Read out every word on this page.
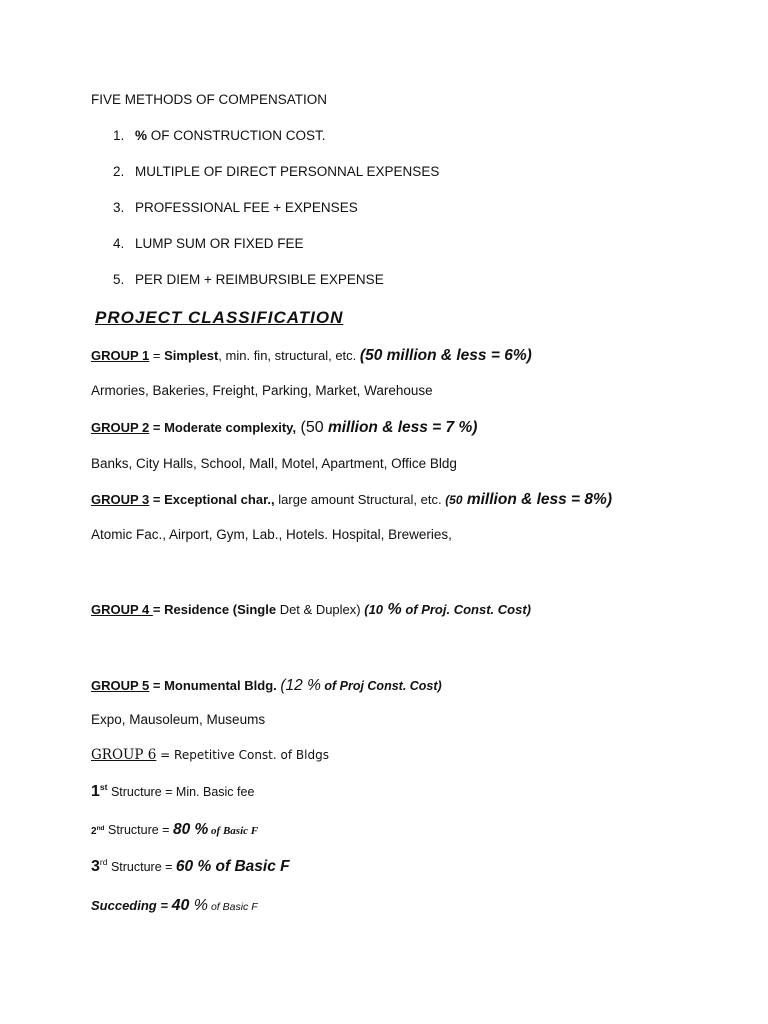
FIVE METHODS OF COMPENSATION
1. % OF CONSTRUCTION COST.
2. MULTIPLE OF DIRECT PERSONNAL EXPENSES
3. PROFESSIONAL FEE + EXPENSES
4. LUMP SUM OR FIXED FEE
5. PER DIEM + REIMBURSIBLE EXPENSE
PROJECT CLASSIFICATION
GROUP 1 = Simplest, min. fin, structural, etc. (50 million & less = 6%)
Armories, Bakeries, Freight, Parking, Market, Warehouse
GROUP 2 = Moderate complexity, (50 million & less = 7 %)
Banks, City Halls, School, Mall, Motel, Apartment, Office Bldg
GROUP 3 = Exceptional char., large amount Structural, etc. (50 million & less = 8%)
Atomic Fac., Airport, Gym, Lab., Hotels. Hospital, Breweries,
GROUP 4 = Residence (Single Det & Duplex) (10 % of Proj. Const. Cost)
GROUP 5 = Monumental Bldg. (12 % of Proj Const. Cost)
Expo, Mausoleum, Museums
GROUP 6 = Repetitive Const. of Bldgs
1st Structure = Min. Basic fee
2nd Structure = 80 % of Basic F
3rd Structure = 60 % of Basic F
Succeding = 40 % of Basic F
